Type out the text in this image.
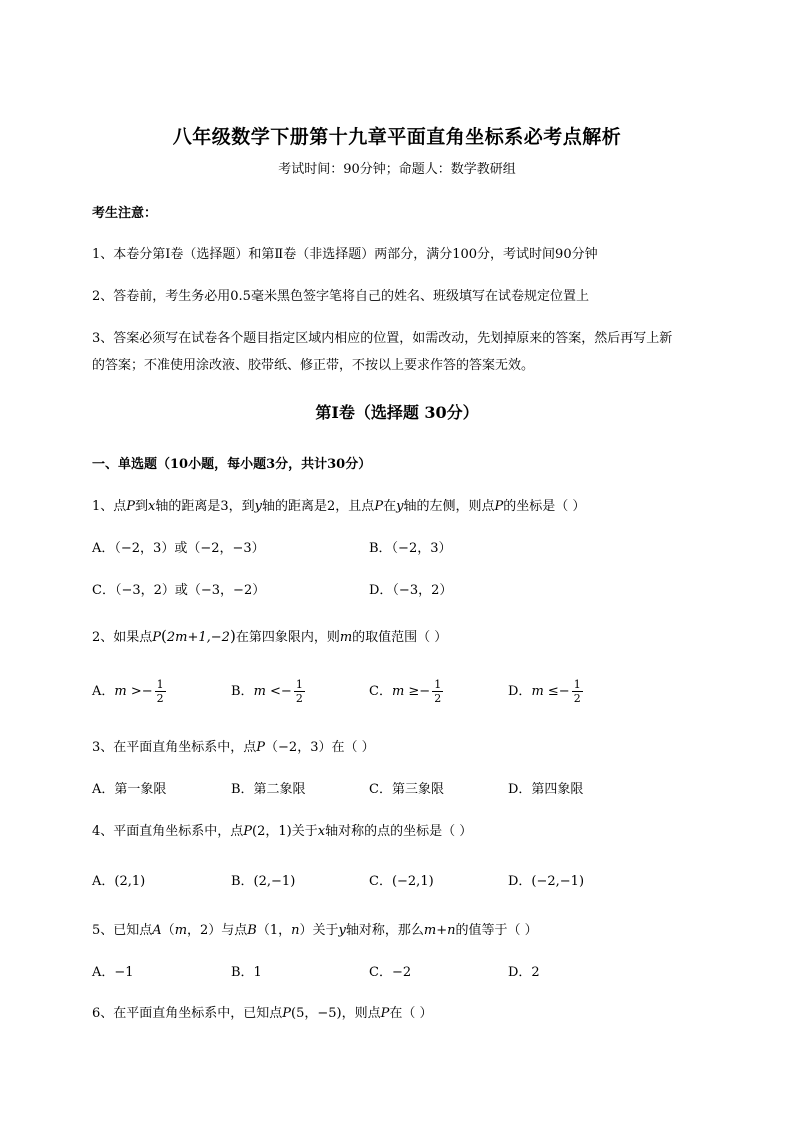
八年级数学下册第十九章平面直角坐标系必考点解析
考试时间：90分钟；命题人：数学教研组
考生注意：
1、本卷分第I卷（选择题）和第Ⅱ卷（非选择题）两部分，满分100分，考试时间90分钟
2、答卷前，考生务必用0.5毫米黑色签字笔将自己的姓名、班级填写在试卷规定位置上
3、答案必须写在试卷各个题目指定区域内相应的位置，如需改动，先划掉原来的答案，然后再写上新
的答案；不准使用涂改液、胶带纸、修正带，不按以上要求作答的答案无效。
第I卷（选择题 30分）
一、单选题（10小题，每小题3分，共计30分）
1、点P到x轴的距离是3，到y轴的距离是2，且点P在y轴的左侧，则点P的坐标是（ ）
A．（−2，3）或（−2，−3）	B．（−2，3）
C．（−3，2）或（−3，−2）	D．（−3，2）
2、如果点P(2m+1,−2)在第四象限内，则m的取值范围（ ）
A．$m >- \frac{1}{2}$	B．$m <- \frac{1}{2}$	C．$m \ge- \frac{1}{2}$	D．$m \le- \frac{1}{2}$
3、在平面直角坐标系中，点P（−2，3）在（ ）
A．第一象限	B．第二象限	C．第三象限	D．第四象限
4、平面直角坐标系中，点P(2，1)关于x轴对称的点的坐标是（ ）
A．(2,1)	B．(2,−1)	C．(−2,1)	D．(−2,−1)
5、已知点A（m，2）与点B（1，n）关于y轴对称，那么m+n的值等于（ ）
A．−1	B．1	C．−2	D．2
6、在平面直角坐标系中，已知点P(5，−5)，则点P在（ ）
